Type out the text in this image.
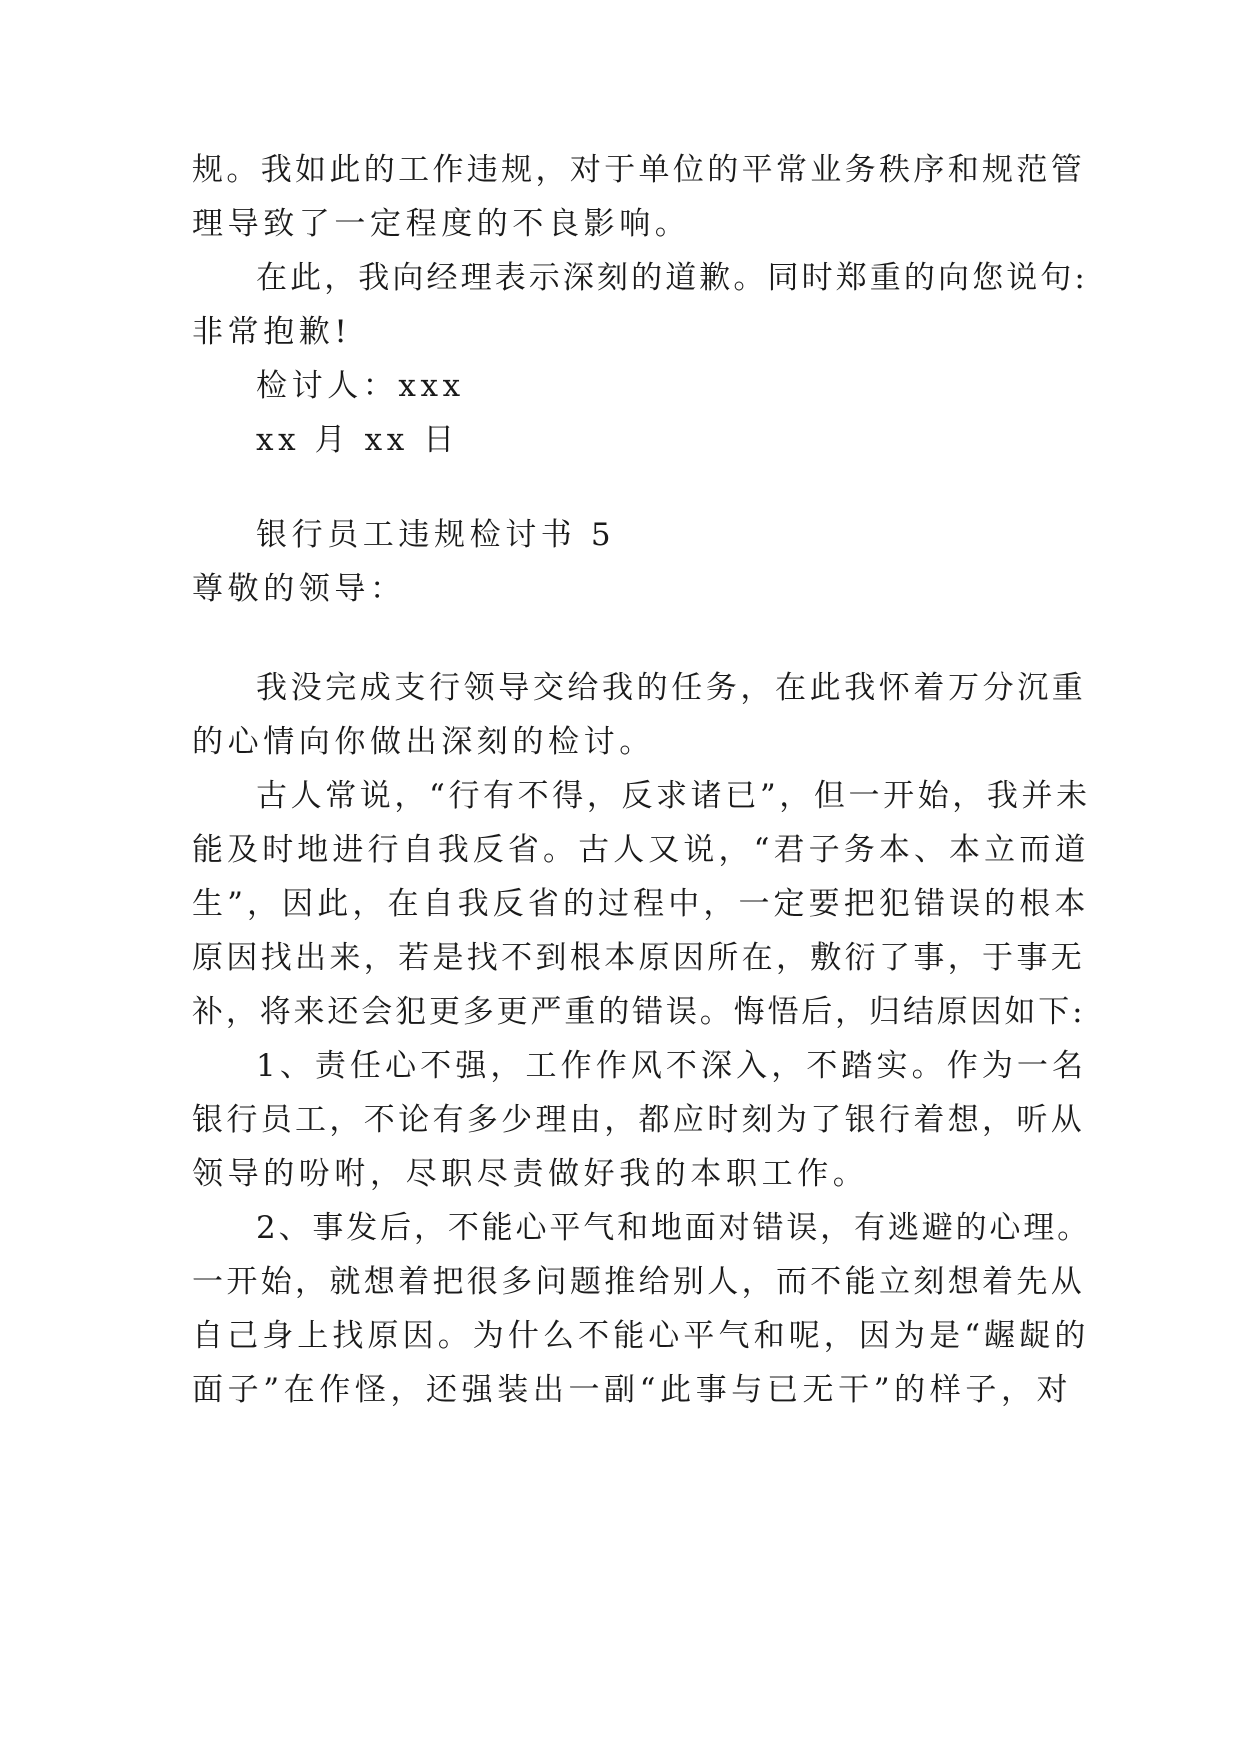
规。我如此的工作违规，对于单位的平常业务秩序和规范管
理导致了一定程度的不良影响。
在此，我向经理表示深刻的道歉。同时郑重的向您说句:
非常抱歉!
检讨人：xxx
xx 月 xx 日
银行员工违规检讨书 5
尊敬的领导：
我没完成支行领导交给我的任务，在此我怀着万分沉重
的心情向你做出深刻的检讨。
古人常说，“行有不得，反求诸已”，但一开始，我并未
能及时地进行自我反省。古人又说，“君子务本、本立而道
生”，因此，在自我反省的过程中，一定要把犯错误的根本
原因找出来，若是找不到根本原因所在，敷衍了事，于事无
补，将来还会犯更多更严重的错误。悔悟后，归结原因如下:
1、责任心不强，工作作风不深入，不踏实。作为一名
银行员工，不论有多少理由，都应时刻为了银行着想，听从
领导的吩咐，尽职尽责做好我的本职工作。
2、事发后，不能心平气和地面对错误，有逃避的心理。
一开始，就想着把很多问题推给别人，而不能立刻想着先从
自己身上找原因。为什么不能心平气和呢，因为是“龌龊的
面子”在作怪，还强装出一副“此事与已无干”的样子，对
